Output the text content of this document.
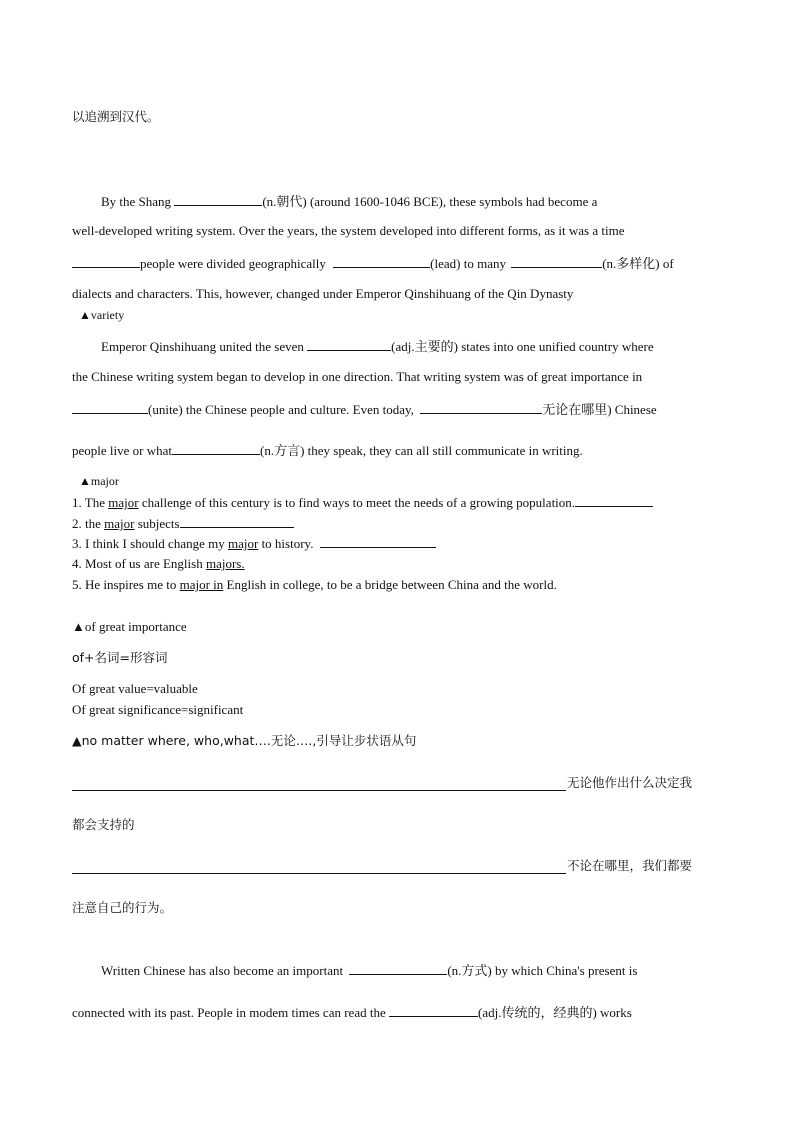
以追溯到汉代。
By the Shang	(n.朝代) (around 1600-1046 BCE), these symbols had become a
well-developed writing system. Over the years, the system developed into different forms, as it was a time
people were divided geographically	(lead) to many	(n.多样化) of
dialects and characters. This, however, changed under Emperor Qinshihuang of the Qin Dynasty
▲variety
Emperor Qinshihuang united the seven	(adj.主要的) states into one unified country where
the Chinese writing system began to develop in one direction. That writing system was of great importance in
(unite) the Chinese people and culture. Even today,	无论在哪里) Chinese
people live or what	(n.方言) they speak, they can all still communicate in writing.
▲major
1. The major challenge of this century is to find ways to meet the needs of a growing population.
2. the major subjects
3. I think I should change my major to history.
4. Most of us are English majors.
5. He inspires me to major in English in college, to be a bridge between China and the world.
▲of great importance
of+名词=形容词
Of great value=valuable
Of great significance=significant
▲no matter where, who,what….无论….,引导让步状语从句
无论他作出什么决定我
都会支持的
不论在哪里，我们都要
注意自己的行为。
Written Chinese has also become an important	(n.方式) by which China's present is
connected with its past. People in modem times can read the	(adj.传统的，经典的) works
